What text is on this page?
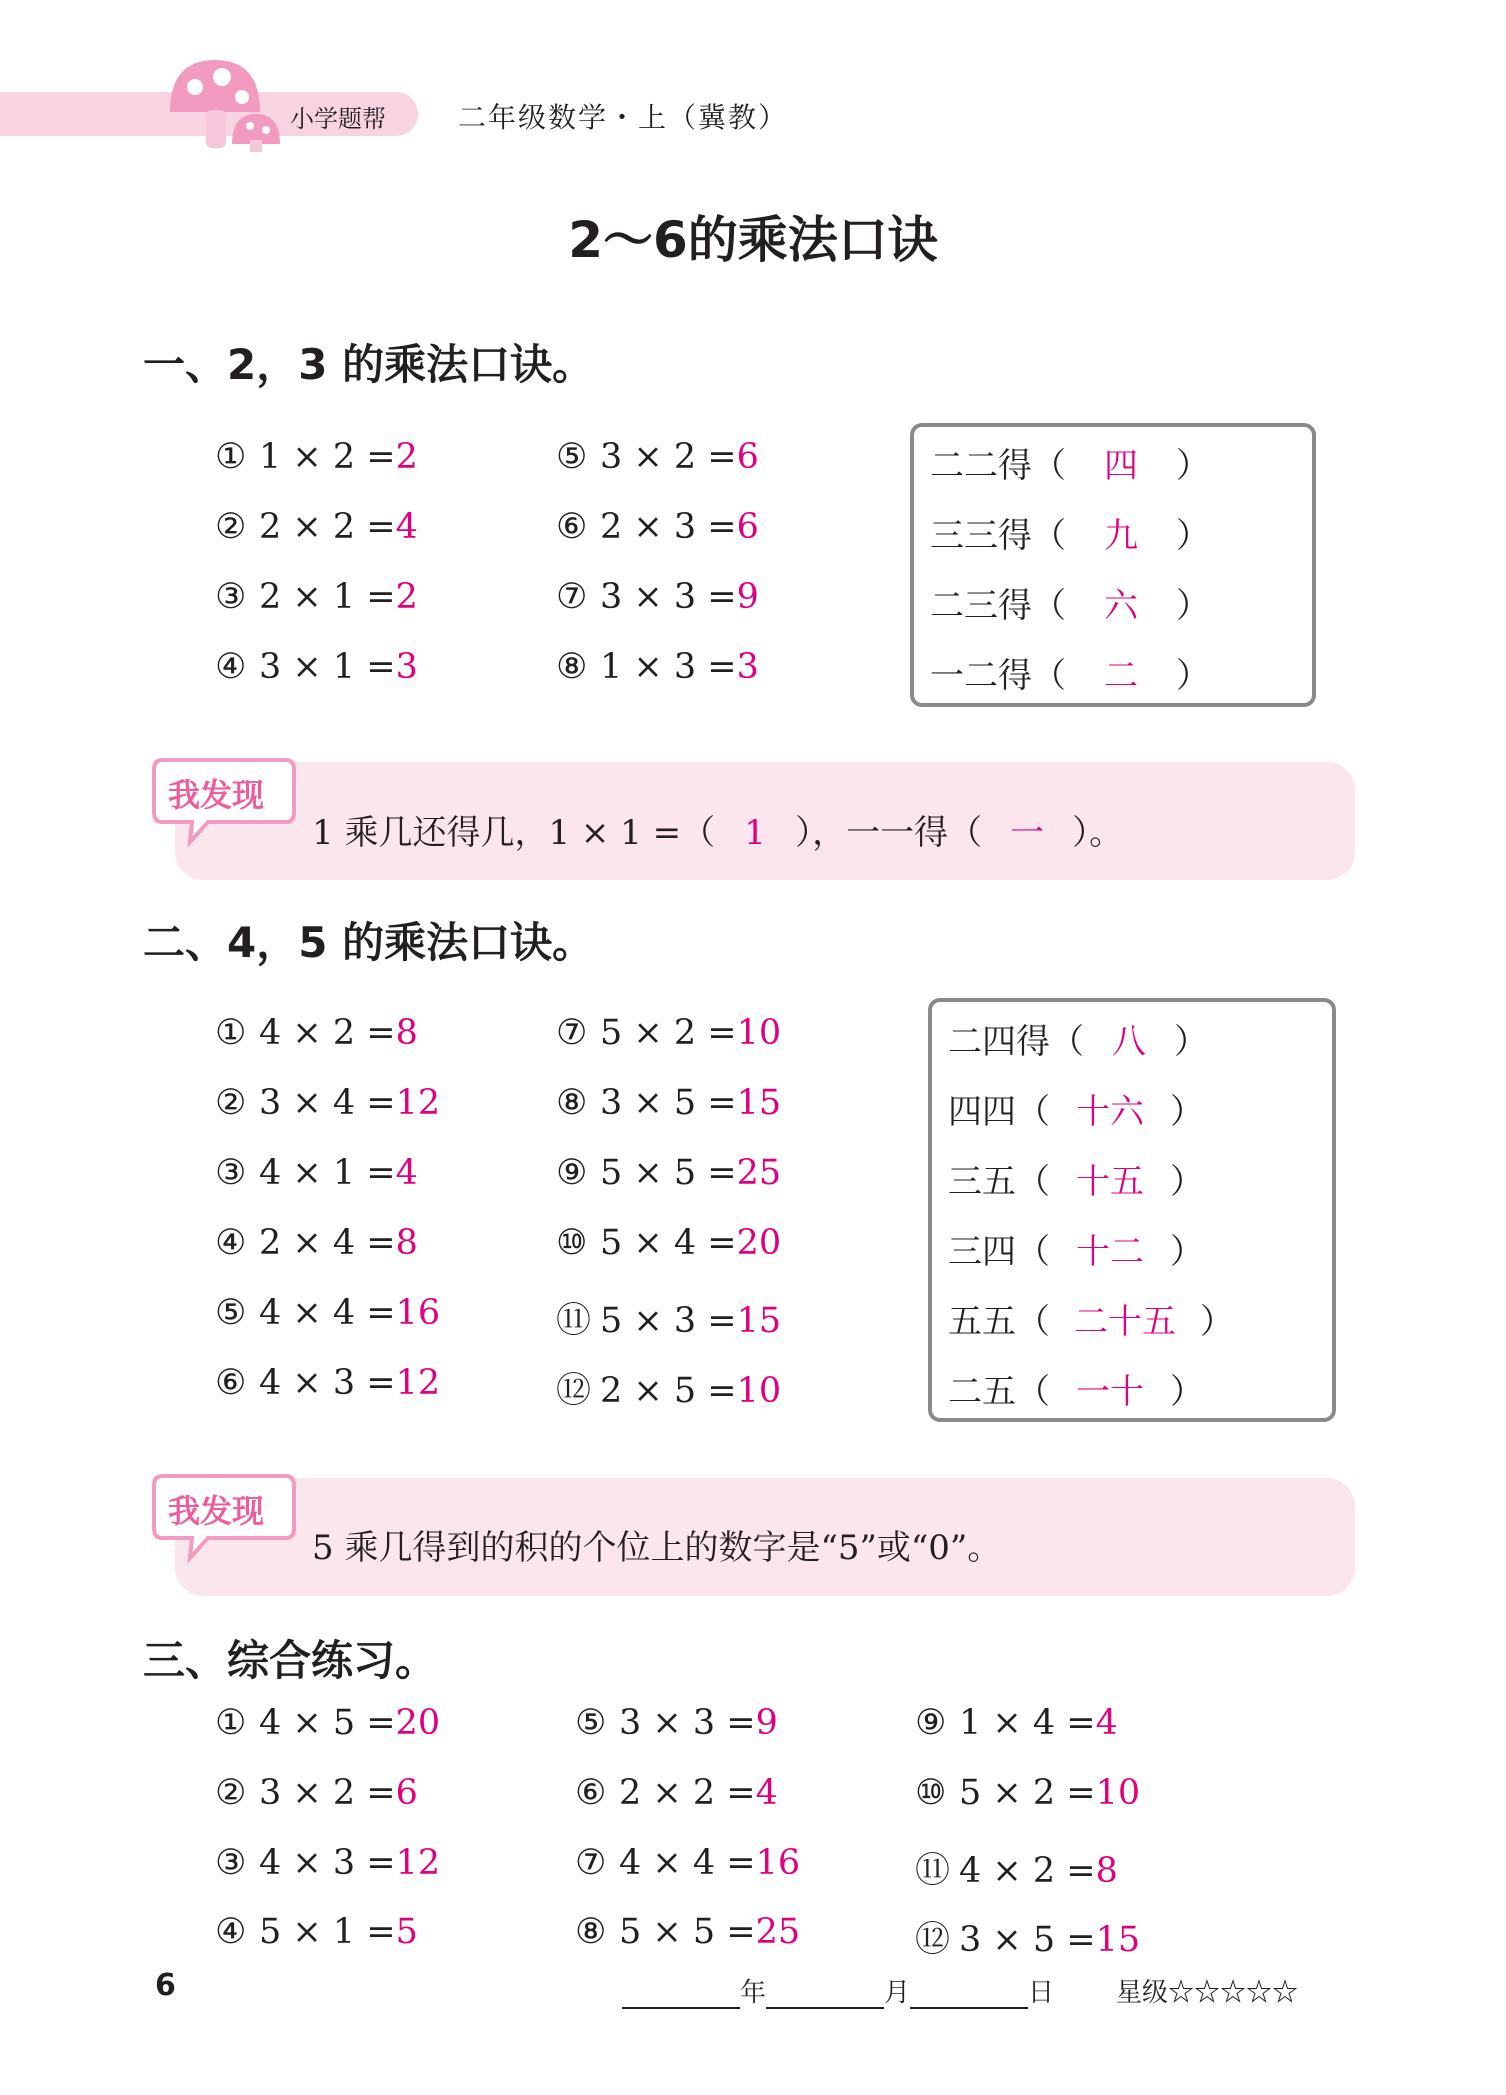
小学题帮	二年级数学・上（冀教）
2～6的乘法口诀
一、2，3 的乘法口诀。
① 1 × 2 =2
② 2 × 2 =4
③ 2 × 1 =2
④ 3 × 1 =3
⑤ 3 × 2 =6
⑥ 2 × 3 =6
⑦ 3 × 3 =9
⑧ 1 × 3 =3
二二得（ 四 ）
三三得（ 九 ）
二三得（ 六 ）
一二得（ 二 ）
我发现
1 乘几还得几，1 × 1 =（ 1 ），一一得（ 一 ）。
二、4，5 的乘法口诀。
① 4 × 2 =8
② 3 × 4 =12
③ 4 × 1 =4
④ 2 × 4 =8
⑤ 4 × 4 =16
⑥ 4 × 3 =12
⑦ 5 × 2 =10
⑧ 3 × 5 =15
⑨ 5 × 5 =25
⑩ 5 × 4 =20
⑪ 5 × 3 =15
⑫ 2 × 5 =10
二四得（ 八 ）
四四（ 十六 ）
三五（ 十五 ）
三四（ 十二 ）
五五（ 二十五 ）
二五（ 一十 ）
我发现
5 乘几得到的积的个位上的数字是“5”或“0”。
三、综合练习。
① 4 × 5 =20
② 3 × 2 =6
③ 4 × 3 =12
④ 5 × 1 =5
⑤ 3 × 3 =9
⑥ 2 × 2 =4
⑦ 4 × 4 =16
⑧ 5 × 5 =25
⑨ 1 × 4 =4
⑩ 5 × 2 =10
⑪ 4 × 2 =8
⑫ 3 × 5 =15
6	年	月	日 星级☆☆☆☆☆
